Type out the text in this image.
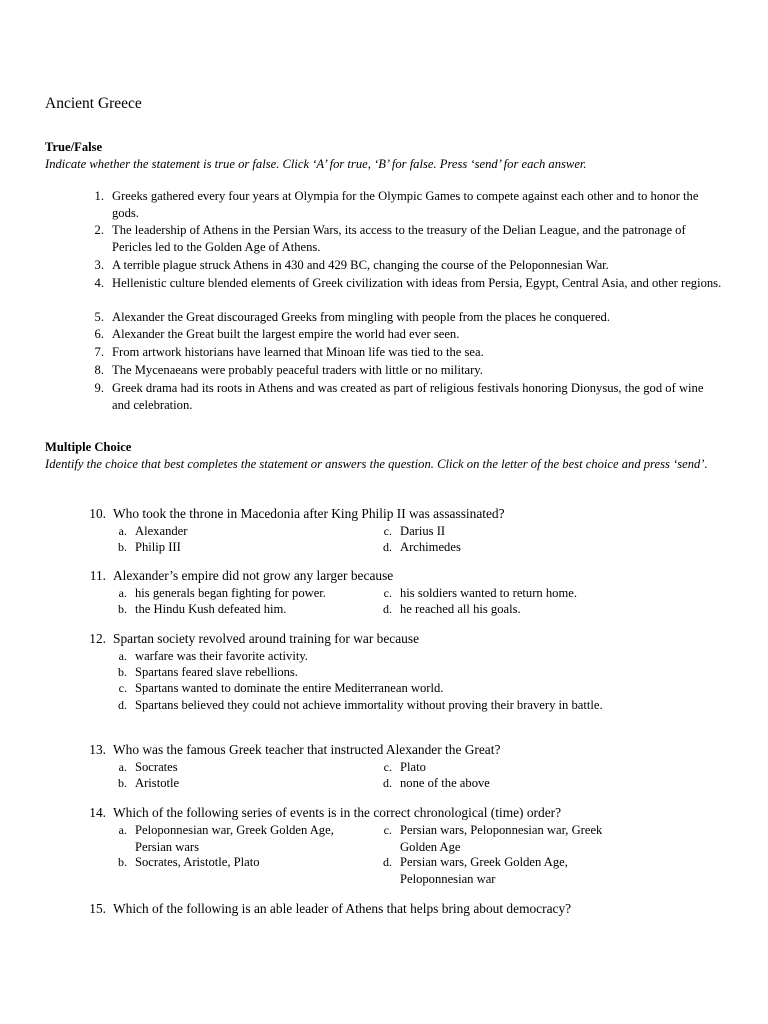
Ancient Greece
True/False
Indicate whether the statement is true or false. Click ‘A’ for true, ‘B’ for false. Press ‘send’ for each answer.
1. Greeks gathered every four years at Olympia for the Olympic Games to compete against each other and to honor the gods.
2. The leadership of Athens in the Persian Wars, its access to the treasury of the Delian League, and the patronage of Pericles led to the Golden Age of Athens.
3. A terrible plague struck Athens in 430 and 429 BC, changing the course of the Peloponnesian War.
4. Hellenistic culture blended elements of Greek civilization with ideas from Persia, Egypt, Central Asia, and other regions.
5. Alexander the Great discouraged Greeks from mingling with people from the places he conquered.
6. Alexander the Great built the largest empire the world had ever seen.
7. From artwork historians have learned that Minoan life was tied to the sea.
8. The Mycenaeans were probably peaceful traders with little or no military.
9. Greek drama had its roots in Athens and was created as part of religious festivals honoring Dionysus, the god of wine and celebration.
Multiple Choice
Identify the choice that best completes the statement or answers the question. Click on the letter of the best choice and press ‘send’.
10. Who took the throne in Macedonia after King Philip II was assassinated?
a. Alexander
b. Philip III
c. Darius II
d. Archimedes
11. Alexander’s empire did not grow any larger because
a. his generals began fighting for power.
b. the Hindu Kush defeated him.
c. his soldiers wanted to return home.
d. he reached all his goals.
12. Spartan society revolved around training for war because
a. warfare was their favorite activity.
b. Spartans feared slave rebellions.
c. Spartans wanted to dominate the entire Mediterranean world.
d. Spartans believed they could not achieve immortality without proving their bravery in battle.
13. Who was the famous Greek teacher that instructed Alexander the Great?
a. Socrates
b. Aristotle
c. Plato
d. none of the above
14. Which of the following series of events is in the correct chronological (time) order?
a. Peloponnesian war, Greek Golden Age, Persian wars
b. Socrates, Aristotle, Plato
c. Persian wars, Peloponnesian war, Greek Golden Age
d. Persian wars, Greek Golden Age, Peloponnesian war
15. Which of the following is an able leader of Athens that helps bring about democracy?
